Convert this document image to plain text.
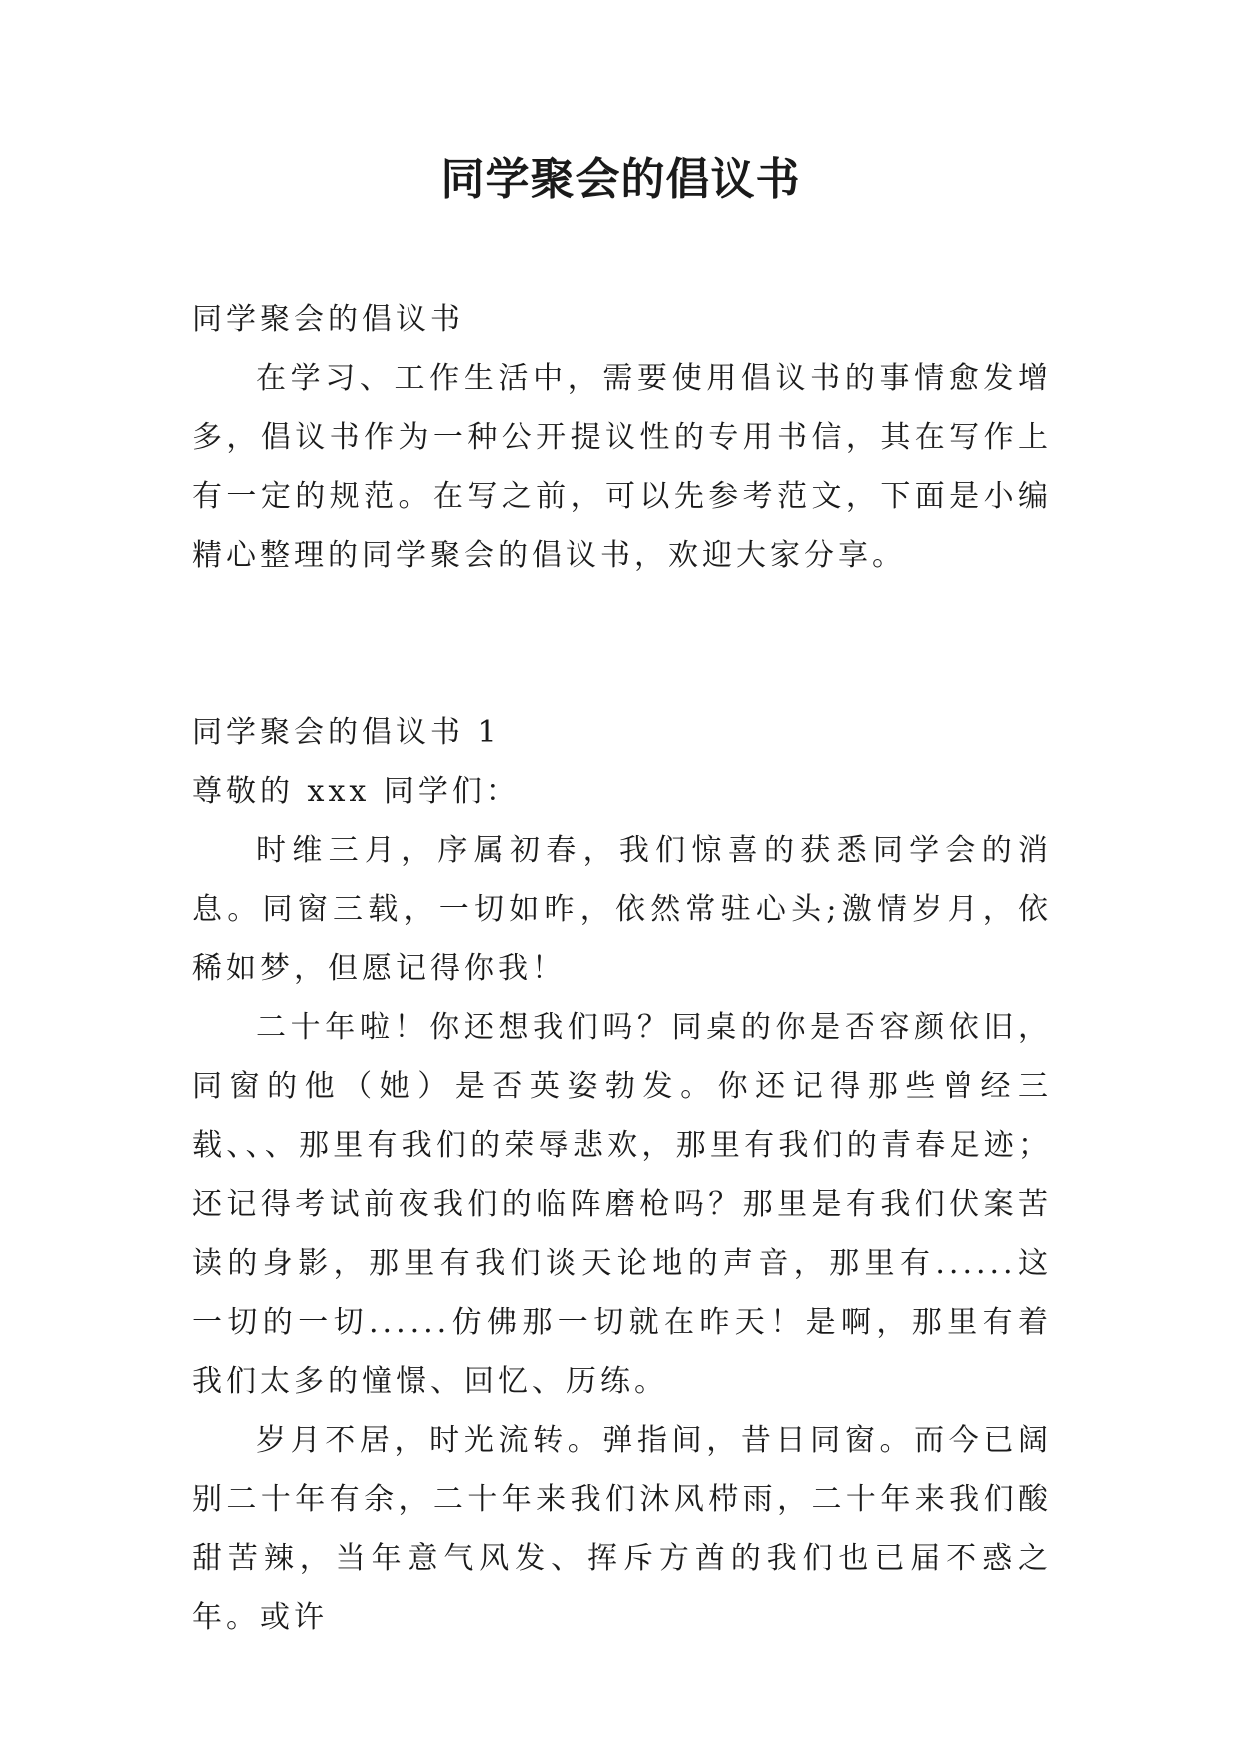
同学聚会的倡议书

同学聚会的倡议书

在学习、工作生活中，需要使用倡议书的事情愈发增多，倡议书作为一种公开提议性的专用书信，其在写作上有一定的规范。在写之前，可以先参考范文，下面是小编精心整理的同学聚会的倡议书，欢迎大家分享。

同学聚会的倡议书 1

尊敬的 xxx 同学们：

时维三月，序属初春，我们惊喜的获悉同学会的消息。同窗三载，一切如昨，依然常驻心头;激情岁月，依稀如梦，但愿记得你我！

二十年啦！你还想我们吗？同桌的你是否容颜依旧，同窗的他（她）是否英姿勃发。你还记得那些曾经三载、、、那里有我们的荣辱悲欢，那里有我们的青春足迹；还记得考试前夜我们的临阵磨枪吗？那里是有我们伏案苦读的身影，那里有我们谈天论地的声音，那里有......这一切的一切......仿佛那一切就在昨天！是啊，那里有着我们太多的憧憬、回忆、历练。

岁月不居，时光流转。弹指间，昔日同窗。而今已阔别二十年有余，二十年来我们沐风栉雨，二十年来我们酸甜苦辣，当年意气风发、挥斥方酋的我们也已届不惑之年。或许
